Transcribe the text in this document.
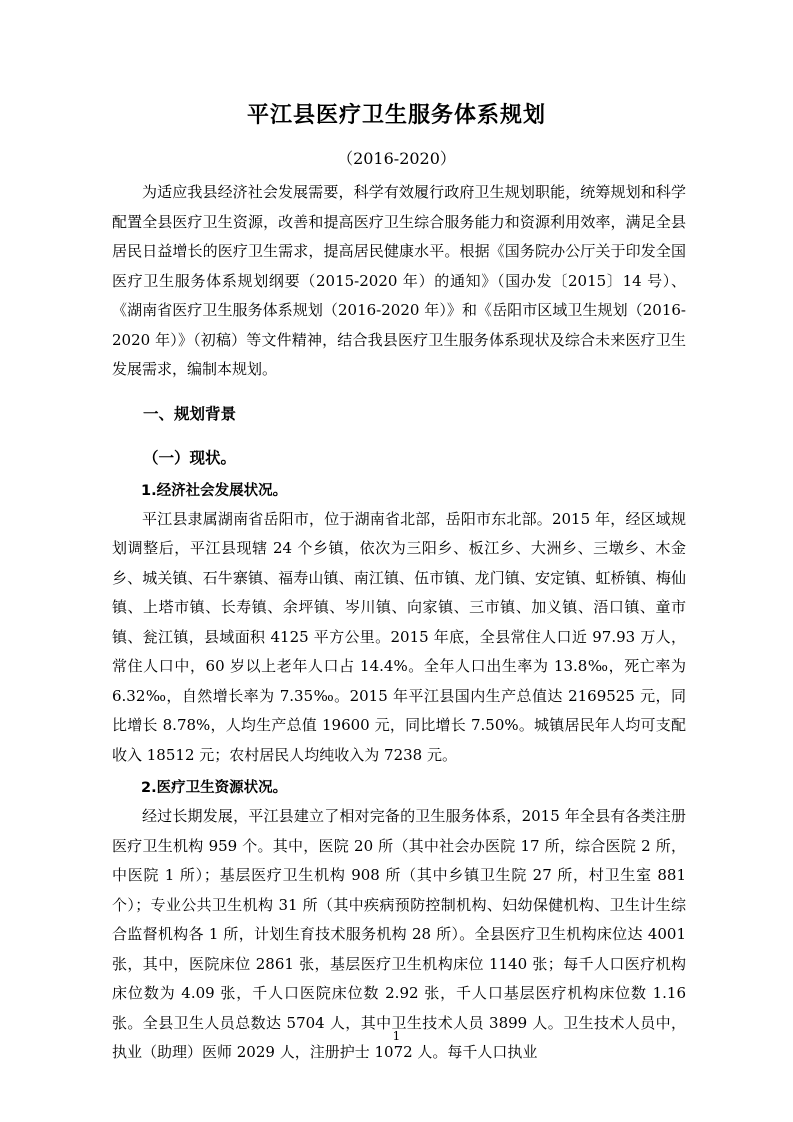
平江县医疗卫生服务体系规划
（2016-2020）

为适应我县经济社会发展需要，科学有效履行政府卫生规划职能，统筹规划和科学配置全县医疗卫生资源，改善和提高医疗卫生综合服务能力和资源利用效率，满足全县居民日益增长的医疗卫生需求，提高居民健康水平。根据《国务院办公厅关于印发全国医疗卫生服务体系规划纲要（2015-2020 年）的通知》（国办发〔2015〕14 号）、《湖南省医疗卫生服务体系规划（2016-2020 年）》和《岳阳市区域卫生规划（2016-2020 年）》（初稿）等文件精神，结合我县医疗卫生服务体系现状及综合未来医疗卫生发展需求，编制本规划。

一、规划背景
（一）现状。
1.经济社会发展状况。

平江县隶属湖南省岳阳市，位于湖南省北部，岳阳市东北部。2015 年，经区域规划调整后，平江县现辖 24 个乡镇，依次为三阳乡、板江乡、大洲乡、三墩乡、木金乡、城关镇、石牛寨镇、福寿山镇、南江镇、伍市镇、龙门镇、安定镇、虹桥镇、梅仙镇、上塔市镇、长寿镇、余坪镇、岑川镇、向家镇、三市镇、加义镇、浯口镇、童市镇、瓮江镇，县域面积 4125 平方公里。2015 年底，全县常住人口近 97.93 万人，常住人口中，60 岁以上老年人口占 14.4%。全年人口出生率为 13.8‰，死亡率为 6.32‰，自然增长率为 7.35‰。2015 年平江县国内生产总值达 2169525 元，同比增长 8.78%，人均生产总值 19600 元，同比增长 7.50%。城镇居民年人均可支配收入 18512 元；农村居民人均纯收入为 7238 元。

2.医疗卫生资源状况。

经过长期发展，平江县建立了相对完备的卫生服务体系，2015 年全县有各类注册医疗卫生机构 959 个。其中，医院 20 所（其中社会办医院 17 所，综合医院 2 所，中医院 1 所）；基层医疗卫生机构 908 所（其中乡镇卫生院 27 所，村卫生室 881 个）；专业公共卫生机构 31 所（其中疾病预防控制机构、妇幼保健机构、卫生计生综合监督机构各 1 所，计划生育技术服务机构 28 所）。全县医疗卫生机构床位达 4001 张，其中，医院床位 2861 张，基层医疗卫生机构床位 1140 张；每千人口医疗机构床位数为 4.09 张，千人口医院床位数 2.92 张，千人口基层医疗机构床位数 1.16 张。全县卫生人员总数达 5704 人，其中卫生技术人员 3899 人。卫生技术人员中，执业（助理）医师 2029 人，注册护士 1072 人。每千人口执业

1
